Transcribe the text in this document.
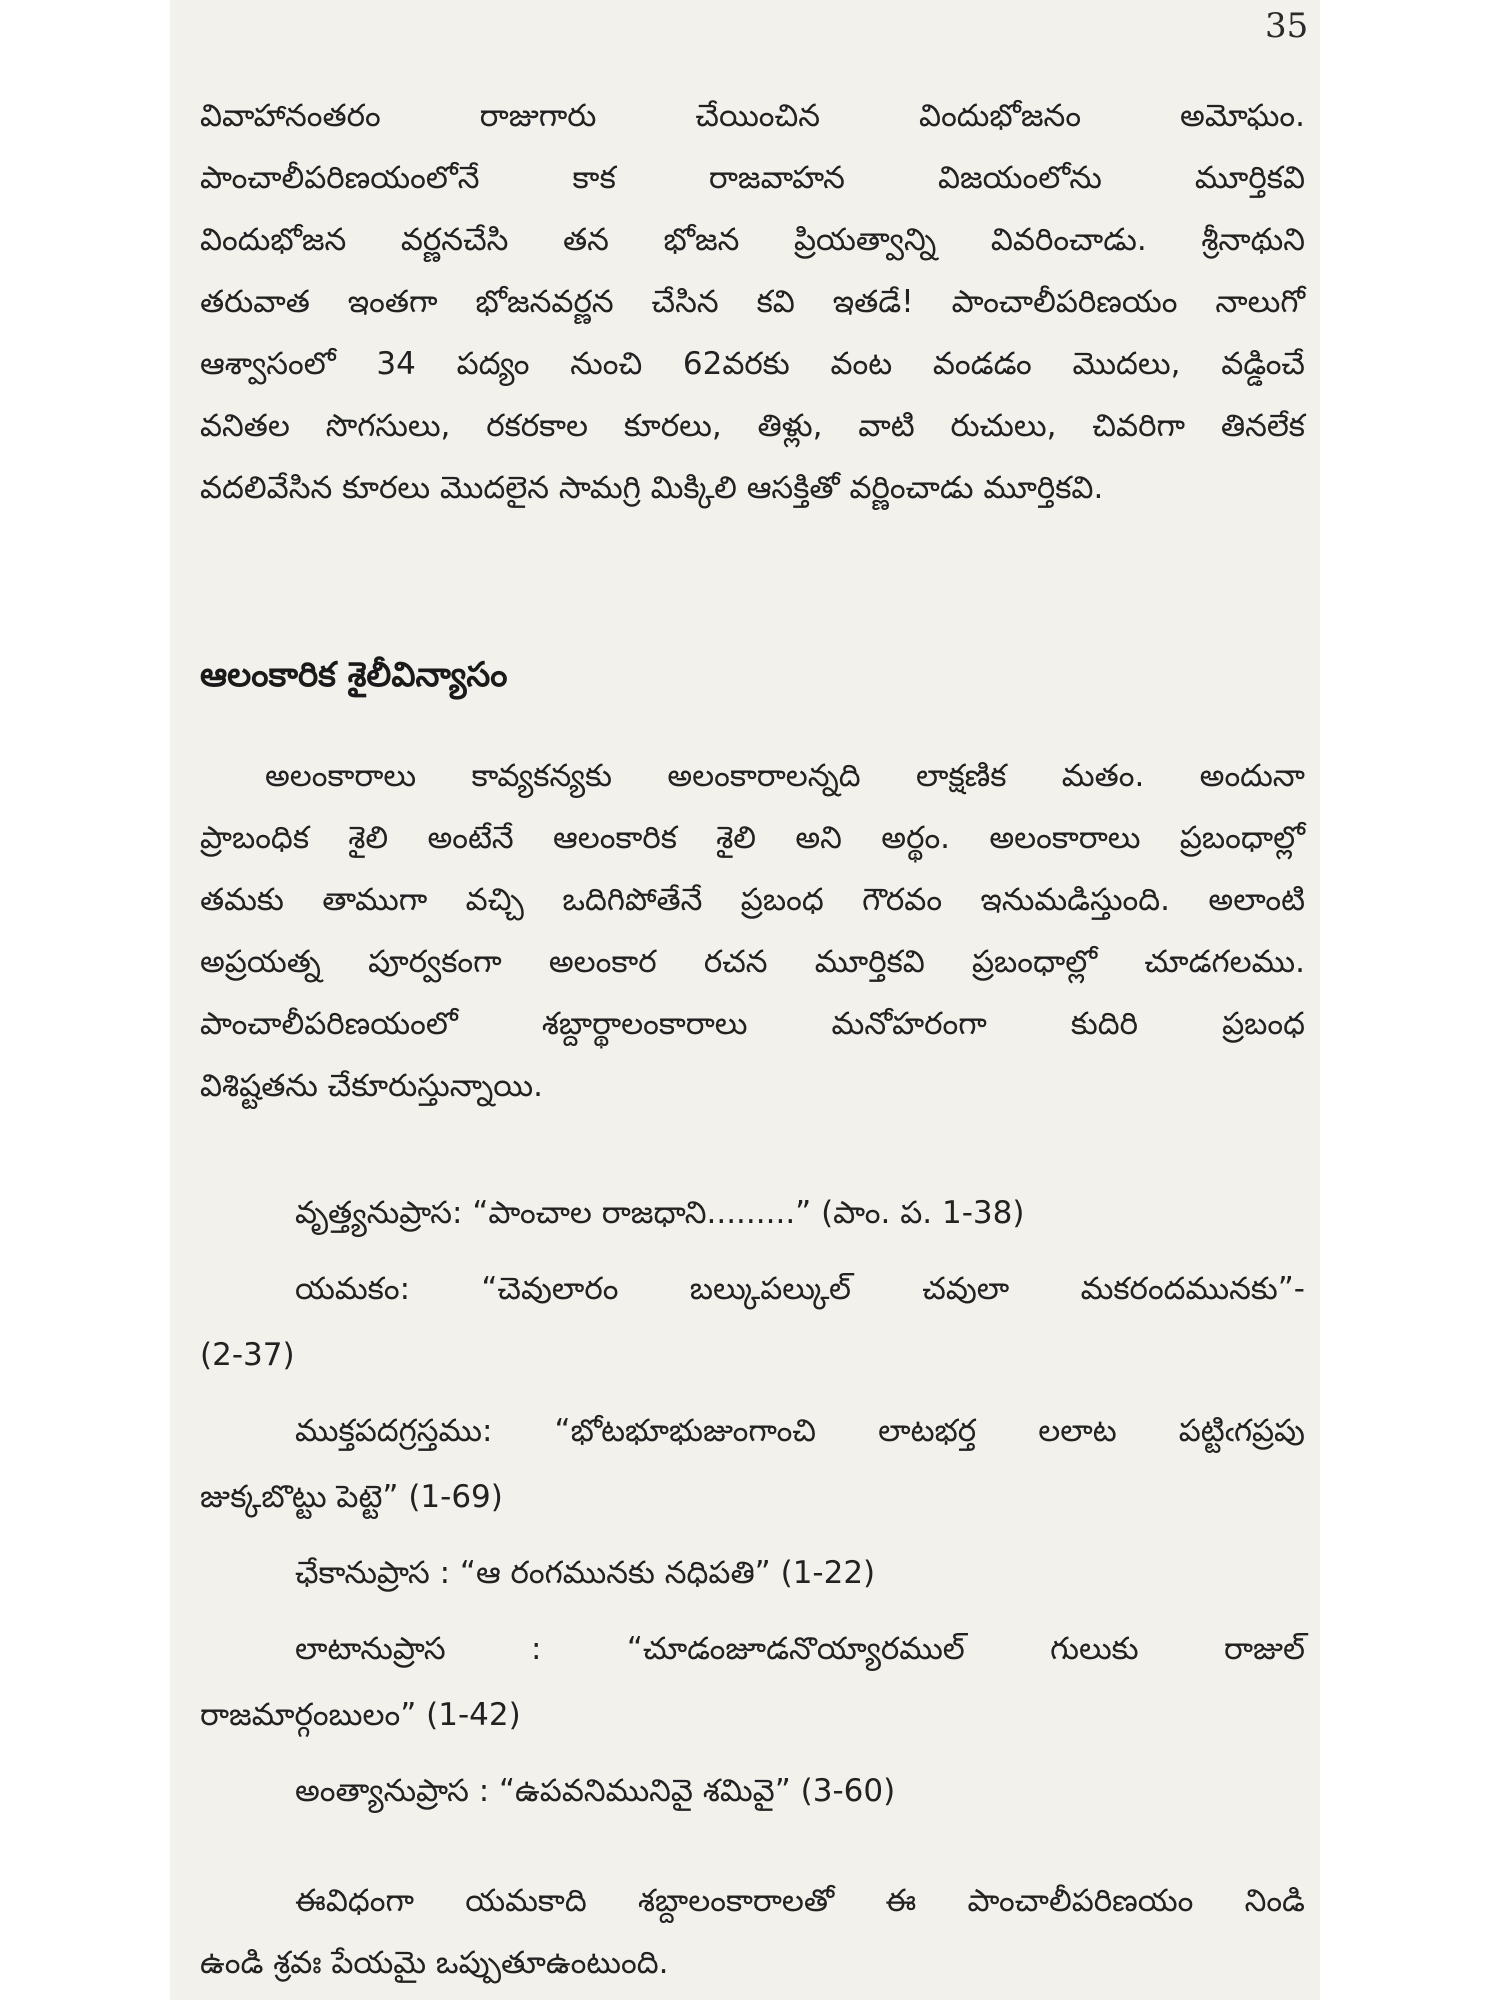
35
వివాహానంతరం రాజుగారు చేయించిన విందుభోజనం అమోఘం.
పాంచాలీపరిణయంలోనే కాక రాజవాహన విజయంలోను మూర్తికవి
విందుభోజన వర్ణనచేసి తన భోజన ప్రియత్వాన్ని వివరించాడు. శ్రీనాథుని
తరువాత ఇంతగా భోజనవర్ణన చేసిన కవి ఇతడే! పాంచాలీపరిణయం నాలుగో
ఆశ్వాసంలో 34 పద్యం నుంచి 62వరకు వంట వండడం మొదలు, వడ్డించే
వనితల సొగసులు, రకరకాల కూరలు, తిళ్లు, వాటి రుచులు, చివరిగా తినలేక
వదలివేసిన కూరలు మొదలైన సామగ్రి మిక్కిలి ఆసక్తితో వర్ణించాడు మూర్తికవి.
ఆలంకారిక శైలీవిన్యాసం
అలంకారాలు కావ్యకన్యకు అలంకారాలన్నది లాక్షణిక మతం. అందునా
ప్రాబంధిక శైలి అంటేనే ఆలంకారిక శైలి అని అర్థం. అలంకారాలు ప్రబంధాల్లో
తమకు తాముగా వచ్చి ఒదిగిపోతేనే ప్రబంధ గౌరవం ఇనుమడిస్తుంది. అలాంటి
అప్రయత్న పూర్వకంగా అలంకార రచన మూర్తికవి ప్రబంధాల్లో చూడగలము.
పాంచాలీపరిణయంలో శబ్దార్థాలంకారాలు మనోహరంగా కుదిరి ప్రబంధ
విశిష్టతను చేకూరుస్తున్నాయి.
వృత్త్యనుప్రాస: “పాంచాల రాజధాని.........” (పాం. ప. 1-38)
యమకం: “చెవులారం బల్కుపల్కుల్ చవులా మకరందమునకు”-
(2-37)
ముక్తపదగ్రస్తము: “భోటభూభుజుంగాంచి లాటభర్త లలాట పట్టిఁగప్రపు
జుక్కబొట్టు పెట్టె” (1-69)
ఛేకానుప్రాస : “ఆ రంగమునకు నధిపతి” (1-22)
లాటానుప్రాస : “చూడంజూడనొయ్యారముల్ గులుకు రాజుల్
రాజమార్గంబులం” (1-42)
అంత్యానుప్రాస : “ఉపవనిమునివై శమివై” (3-60)
ఈవిధంగా యమకాది శబ్దాలంకారాలతో ఈ పాంచాలీపరిణయం నిండి
ఉండి శ్రవః పేయమై ఒప్పుతూఉంటుంది.
